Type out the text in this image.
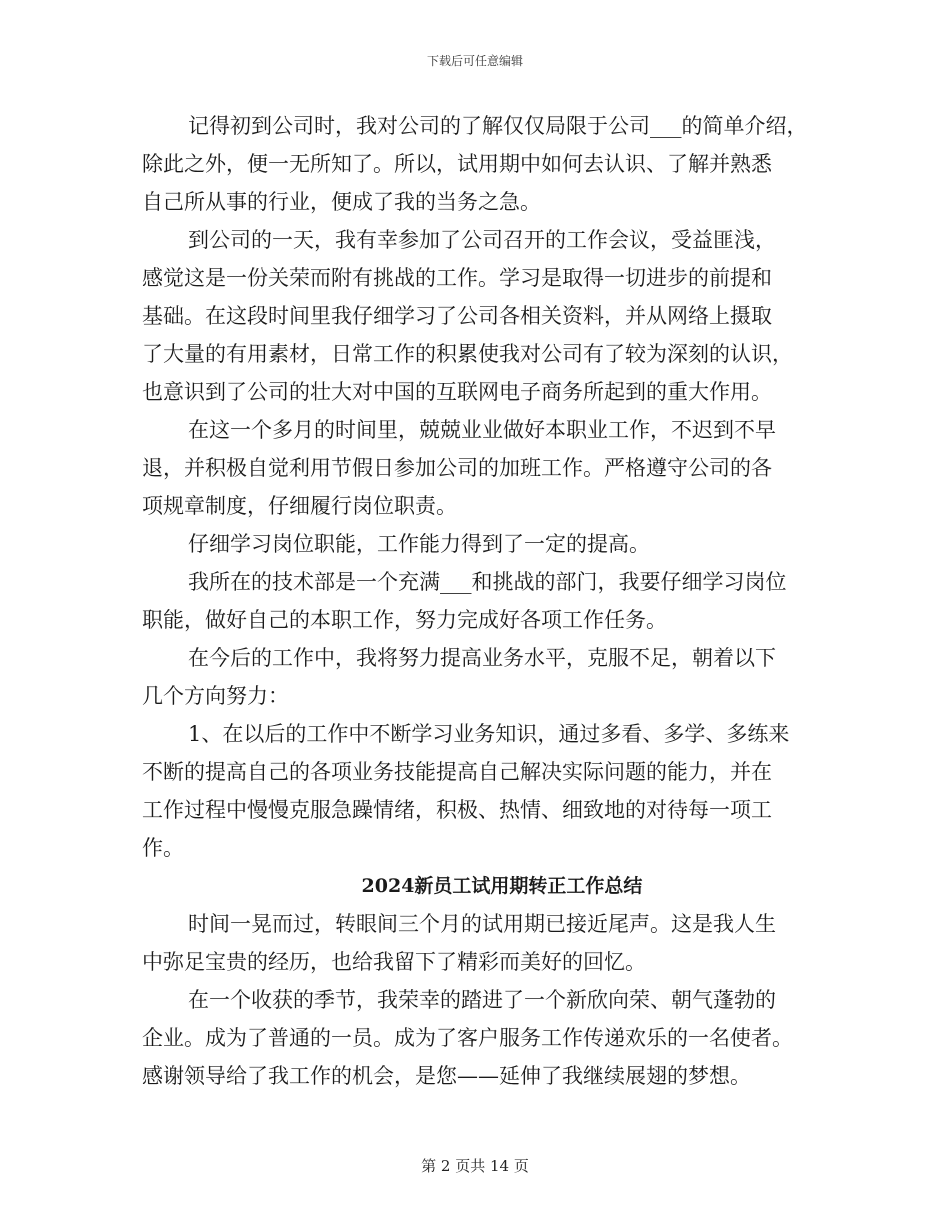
下载后可任意编辑
记得初到公司时，我对公司的了解仅仅局限于公司___的简单介绍，
除此之外，便一无所知了。所以，试用期中如何去认识、了解并熟悉
自己所从事的行业，便成了我的当务之急。
到公司的一天，我有幸参加了公司召开的工作会议，受益匪浅，
感觉这是一份关荣而附有挑战的工作。学习是取得一切进步的前提和
基础。在这段时间里我仔细学习了公司各相关资料，并从网络上摄取
了大量的有用素材，日常工作的积累使我对公司有了较为深刻的认识，
也意识到了公司的壮大对中国的互联网电子商务所起到的重大作用。
在这一个多月的时间里，兢兢业业做好本职业工作，不迟到不早
退，并积极自觉利用节假日参加公司的加班工作。严格遵守公司的各
项规章制度，仔细履行岗位职责。
仔细学习岗位职能，工作能力得到了一定的提高。
我所在的技术部是一个充满___和挑战的部门，我要仔细学习岗位
职能，做好自己的本职工作，努力完成好各项工作任务。
在今后的工作中，我将努力提高业务水平，克服不足，朝着以下
几个方向努力：
1、在以后的工作中不断学习业务知识，通过多看、多学、多练来
不断的提高自己的各项业务技能提高自己解决实际问题的能力，并在
工作过程中慢慢克服急躁情绪，积极、热情、细致地的对待每一项工
作。
2024新员工试用期转正工作总结
时间一晃而过，转眼间三个月的试用期已接近尾声。这是我人生
中弥足宝贵的经历，也给我留下了精彩而美好的回忆。
在一个收获的季节，我荣幸的踏进了一个新欣向荣、朝气蓬勃的
企业。成为了普通的一员。成为了客户服务工作传递欢乐的一名使者。
感谢领导给了我工作的机会，是您——延伸了我继续展翅的梦想。
第 2 页共 14 页
